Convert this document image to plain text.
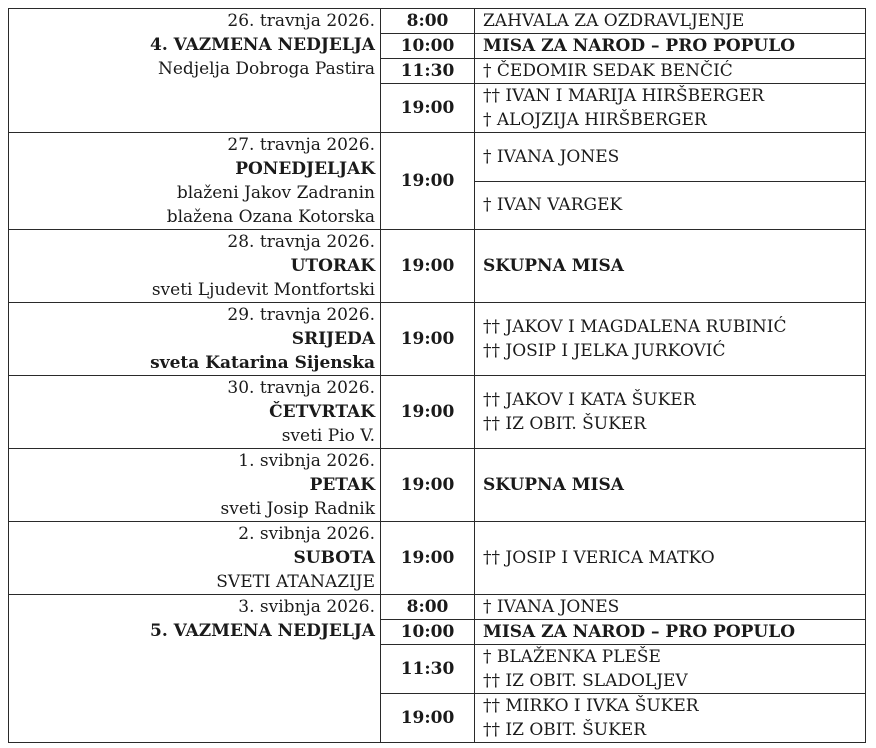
26. travnja 2026.
4. VAZMENA NEDJELJA
Nedjelja Dobroga Pastira	8:00	ZAHVALA ZA OZDRAVLJENJE

	10:00	MISA ZA NAROD – PRO POPULO

	11:30	† ČEDOMIR SEDAK BENČIĆ

	19:00	†† IVAN I MARIJA HIRŠBERGER
† ALOJZIJA HIRŠBERGER

27. travnja 2026.
PONEDJELJAK
blaženi Jakov Zadranin
blažena Ozana Kotorska	19:00	† IVANA JONES

		† IVAN VARGEK

28. travnja 2026.
UTORAK
sveti Ljudevit Montfortski	19:00	SKUPNA MISA

29. travnja 2026.
SRIJEDA
sveta Katarina Sijenska	19:00	†† JAKOV I MAGDALENA RUBINIĆ
†† JOSIP I JELKA JURKOVIĆ

30. travnja 2026.
ČETVRTAK
sveti Pio V.	19:00	†† JAKOV I KATA ŠUKER
†† IZ OBIT. ŠUKER

1. svibnja 2026.
PETAK
sveti Josip Radnik	19:00	SKUPNA MISA

2. svibnja 2026.
SUBOTA
SVETI ATANAZIJE	19:00	†† JOSIP I VERICA MATKO

3. svibnja 2026.
5. VAZMENA NEDJELJA	8:00	† IVANA JONES

	10:00	MISA ZA NAROD – PRO POPULO

	11:30	† BLAŽENKA PLEŠE
†† IZ OBIT. SLADOLJEV

	19:00	†† MIRKO I IVKA ŠUKER
†† IZ OBIT. ŠUKER
